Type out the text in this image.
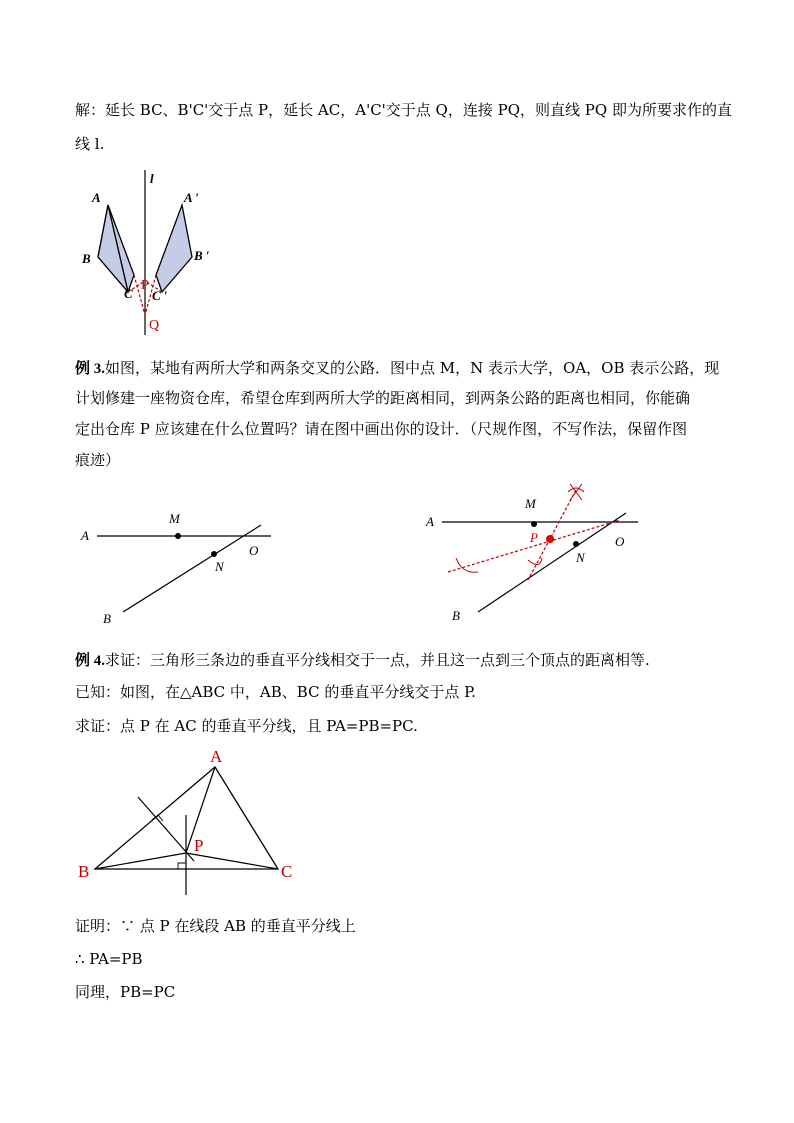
解：延长 BC、B'C'交于点 P，延长 AC，A'C'交于点 Q，连接 PQ，则直线 PQ 即为所要求作的直
线 l.
A
B
C
A ′
B ′
C ′
P
Q
l
例 3.如图，某地有两所大学和两条交叉的公路．图中点 M，N 表示大学，OA，OB 表示公路，现
计划修建一座物资仓库，希望仓库到两所大学的距离相同，到两条公路的距离也相同，你能确
定出仓库 P 应该建在什么位置吗？请在图中画出你的设计．（尺规作图，不写作法，保留作图
痕迹）
A
M
N
O
B
A
M
N
O
B
P
例 4.求证：三角形三条边的垂直平分线相交于一点，并且这一点到三个顶点的距离相等.
已知：如图，在△ABC 中，AB、BC 的垂直平分线交于点 P.
求证：点 P 在 AC 的垂直平分线，且 PA=PB=PC.
A
B	C
P
证明：∵ 点 P 在线段 AB 的垂直平分线上
∴ PA=PB
同理，PB=PC
